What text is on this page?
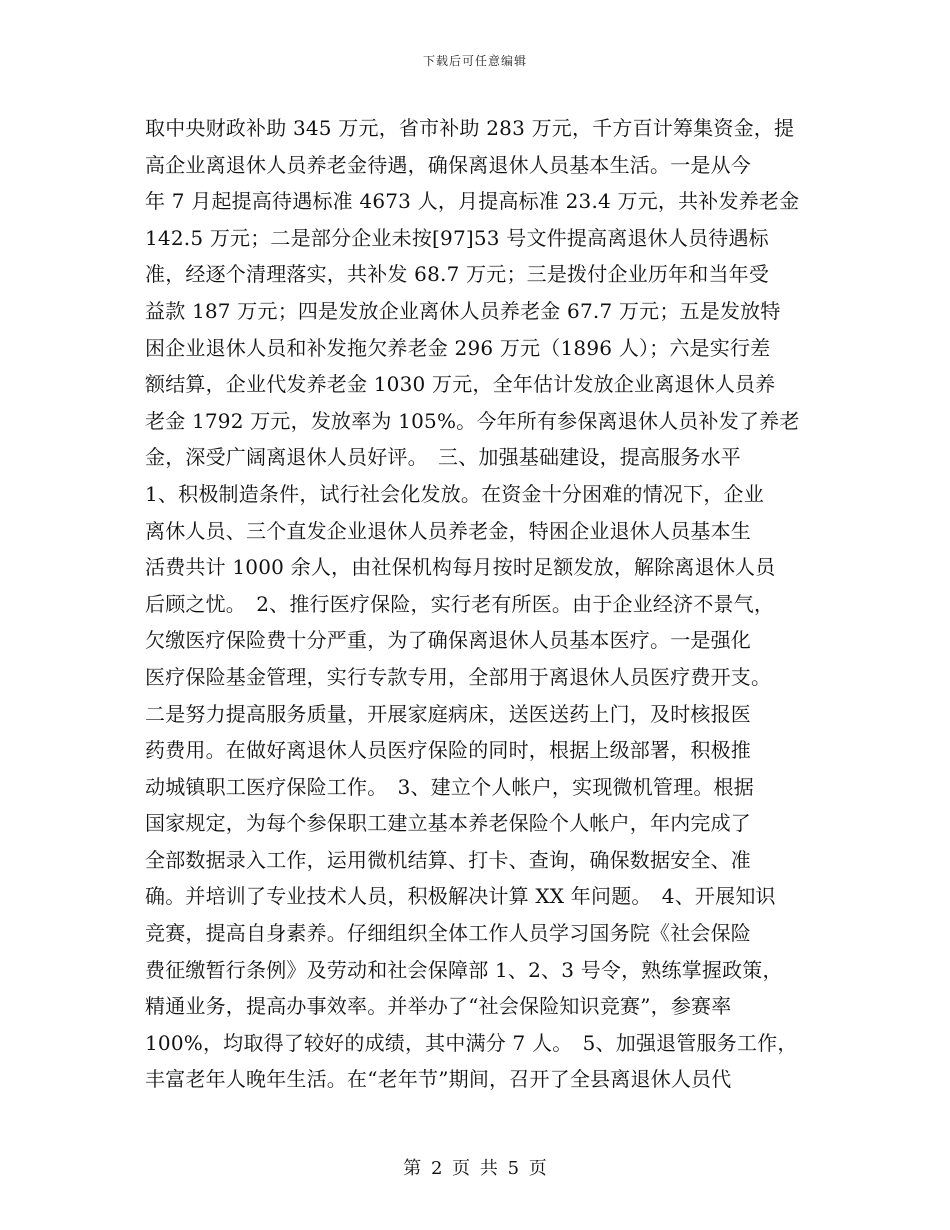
下载后可任意编辑
取中央财政补助 345 万元，省市补助 283 万元，千方百计筹集资金，提
高企业离退休人员养老金待遇，确保离退休人员基本生活。一是从今
年 7 月起提高待遇标准 4673 人，月提高标准 23.4 万元，共补发养老金
142.5 万元；二是部分企业未按[97]53 号文件提高离退休人员待遇标
准，经逐个清理落实，共补发 68.7 万元；三是拨付企业历年和当年受
益款 187 万元；四是发放企业离休人员养老金 67.7 万元；五是发放特
困企业退休人员和补发拖欠养老金 296 万元（1896 人）；六是实行差
额结算，企业代发养老金 1030 万元，全年估计发放企业离退休人员养
老金 1792 万元，发放率为 105%。今年所有参保离退休人员补发了养老
金，深受广阔离退休人员好评。　三、加强基础建设，提高服务水平
1、积极制造条件，试行社会化发放。在资金十分困难的情况下，企业
离休人员、三个直发企业退休人员养老金，特困企业退休人员基本生
活费共计 1000 余人，由社保机构每月按时足额发放，解除离退休人员
后顾之忧。　2、推行医疗保险，实行老有所医。由于企业经济不景气，
欠缴医疗保险费十分严重，为了确保离退休人员基本医疗。一是强化
医疗保险基金管理，实行专款专用，全部用于离退休人员医疗费开支。
二是努力提高服务质量，开展家庭病床，送医送药上门，及时核报医
药费用。在做好离退休人员医疗保险的同时，根据上级部署，积极推
动城镇职工医疗保险工作。　3、建立个人帐户，实现微机管理。根据
国家规定，为每个参保职工建立基本养老保险个人帐户，年内完成了
全部数据录入工作，运用微机结算、打卡、查询，确保数据安全、准
确。并培训了专业技术人员，积极解决计算 XX 年问题。　4、开展知识
竞赛，提高自身素养。仔细组织全体工作人员学习国务院《社会保险
费征缴暂行条例》及劳动和社会保障部 1、2、3 号令，熟练掌握政策，
精通业务，提高办事效率。并举办了“社会保险知识竞赛”，参赛率
100%，均取得了较好的成绩，其中满分 7 人。　5、加强退管服务工作，
丰富老年人晚年生活。在“老年节”期间，召开了全县离退休人员代
第 2 页 共 5 页
